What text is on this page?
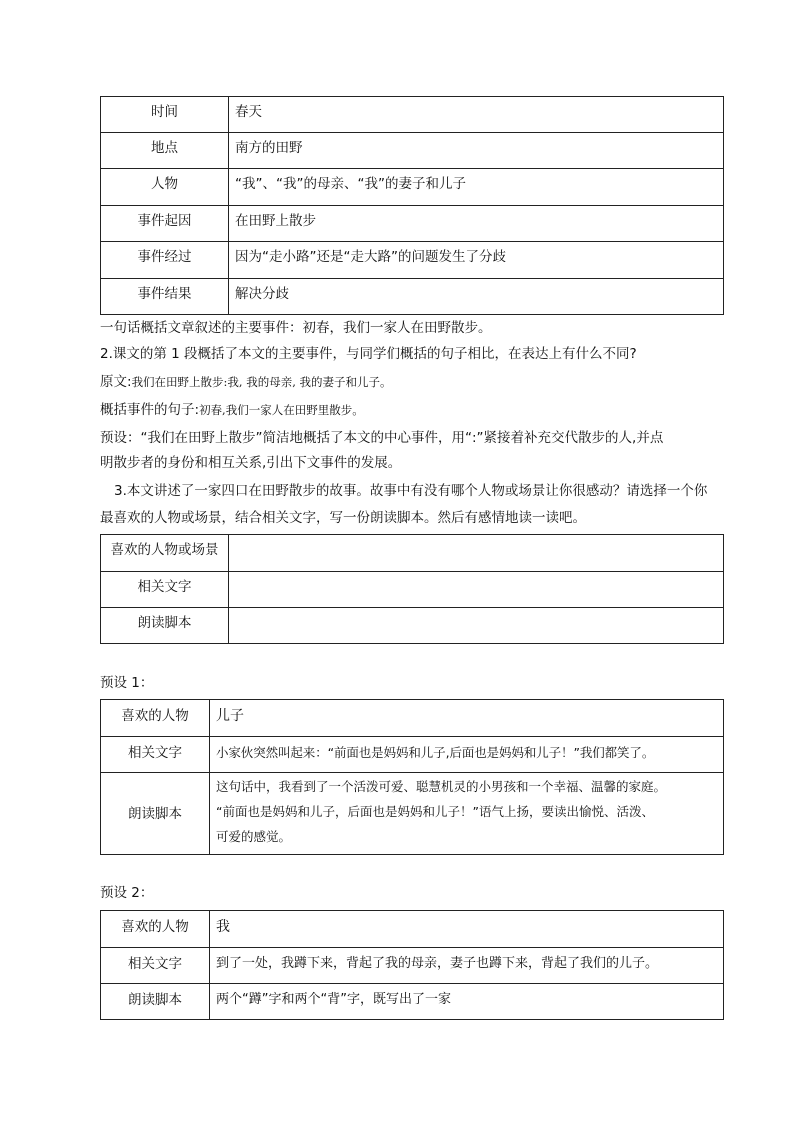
时间	春天
地点	南方的田野
人物	“我”、“我”的母亲、“我”的妻子和儿子
事件起因	在田野上散步
事件经过	因为“走小路”还是“走大路”的问题发生了分歧
事件结果	解决分歧
一句话概括文章叙述的主要事件：初春，我们一家人在田野散步。
2.课文的第 1 段概括了本文的主要事件，与同学们概括的句子相比，在表达上有什么不同?
原文:我们在田野上散步:我, 我的母亲, 我的妻子和儿子。
概括事件的句子:初春,我们一家人在田野里散步。
预设：“我们在田野上散步”简洁地概括了本文的中心事件，用“:”紧接着补充交代散步的人,并点
明散步者的身份和相互关系,引出下文事件的发展。
3.本文讲述了一家四口在田野散步的故事。故事中有没有哪个人物或场景让你很感动？请选择一个你
最喜欢的人物或场景，结合相关文字，写一份朗读脚本。然后有感情地读一读吧。
喜欢的人物或场景	
相关文字	
朗读脚本	
预设 1：
喜欢的人物	儿子
相关文字	小家伙突然叫起来：“前面也是妈妈和儿子,后面也是妈妈和儿子！”我们都笑了。
朗读脚本	这句话中，我看到了一个活泼可爱、聪慧机灵的小男孩和一个幸福、温馨的家庭。
“前面也是妈妈和儿子，后面也是妈妈和儿子！”语气上扬，要读出愉悦、活泼、
可爱的感觉。
预设 2：
喜欢的人物	我
相关文字	到了一处，我蹲下来，背起了我的母亲，妻子也蹲下来，背起了我们的儿子。
朗读脚本	两个“蹲”字和两个“背”字，既写出了一家
